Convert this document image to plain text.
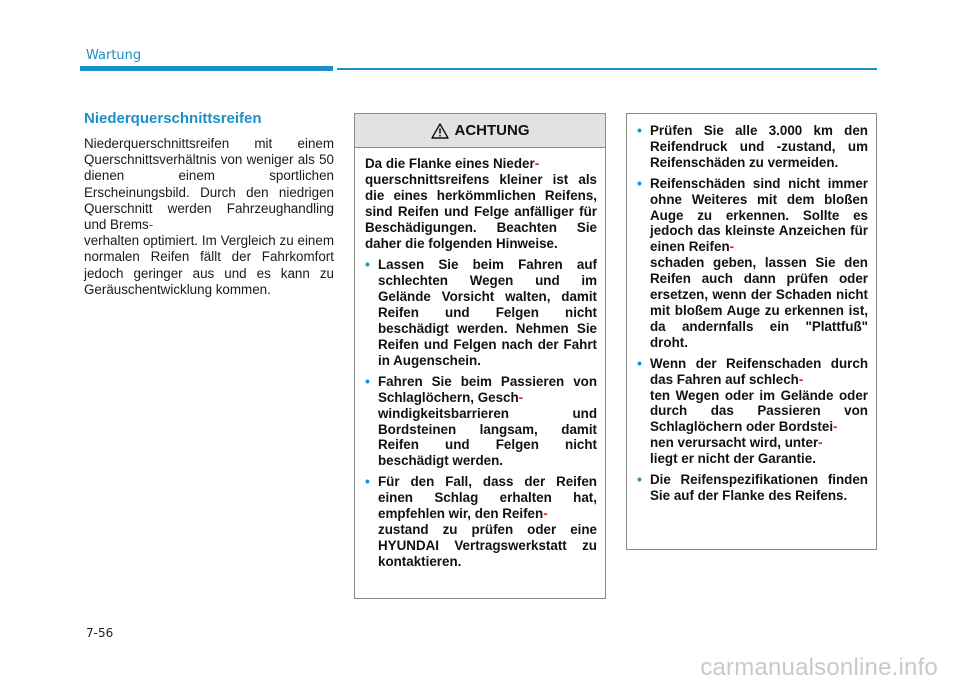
Wartung
Niederquerschnittsreifen

Niederquerschnittsreifen mit einem Querschnittsverhältnis von weniger als 50 dienen einem sportlichen Erscheinungsbild. Durch den niedrigen Querschnitt werden Fahrzeughandling und Brems-
verhalten optimiert. Im Vergleich zu einem normalen Reifen fällt der Fahrkomfort jedoch geringer aus und es kann zu Geräuschentwicklung kommen.

ACHTUNG

Da die Flanke eines Nieder-
querschnittsreifens kleiner ist als die eines herkömmlichen Reifens, sind Reifen und Felge anfälliger für Beschädigungen. Beachten Sie daher die folgenden Hinweise.

• Lassen Sie beim Fahren auf schlechten Wegen und im Gelände Vorsicht walten, damit Reifen und Felgen nicht beschädigt werden. Nehmen Sie Reifen und Felgen nach der Fahrt in Augenschein.
• Fahren Sie beim Passieren von Schlaglöchern, Gesch-
windigkeitsbarrieren und Bordsteinen langsam, damit Reifen und Felgen nicht beschädigt werden.
• Für den Fall, dass der Reifen einen Schlag erhalten hat, empfehlen wir, den Reifen-
zustand zu prüfen oder eine HYUNDAI Vertragswerkstatt zu kontaktieren.
• Prüfen Sie alle 3.000 km den Reifendruck und -zustand, um Reifenschäden zu vermeiden.
• Reifenschäden sind nicht immer ohne Weiteres mit dem bloßen Auge zu erkennen. Sollte es jedoch das kleinste Anzeichen für einen Reifen-
schaden geben, lassen Sie den Reifen auch dann prüfen oder ersetzen, wenn der Schaden nicht mit bloßem Auge zu erkennen ist, da andernfalls ein "Plattfuß" droht.
• Wenn der Reifenschaden durch das Fahren auf schlech-
ten Wegen oder im Gelände oder durch das Passieren von Schlaglöchern oder Bordstei-
nen verursacht wird, unter-
liegt er nicht der Garantie.
• Die Reifenspezifikationen finden Sie auf der Flanke des Reifens.
7-56
carmanualsonline.info
